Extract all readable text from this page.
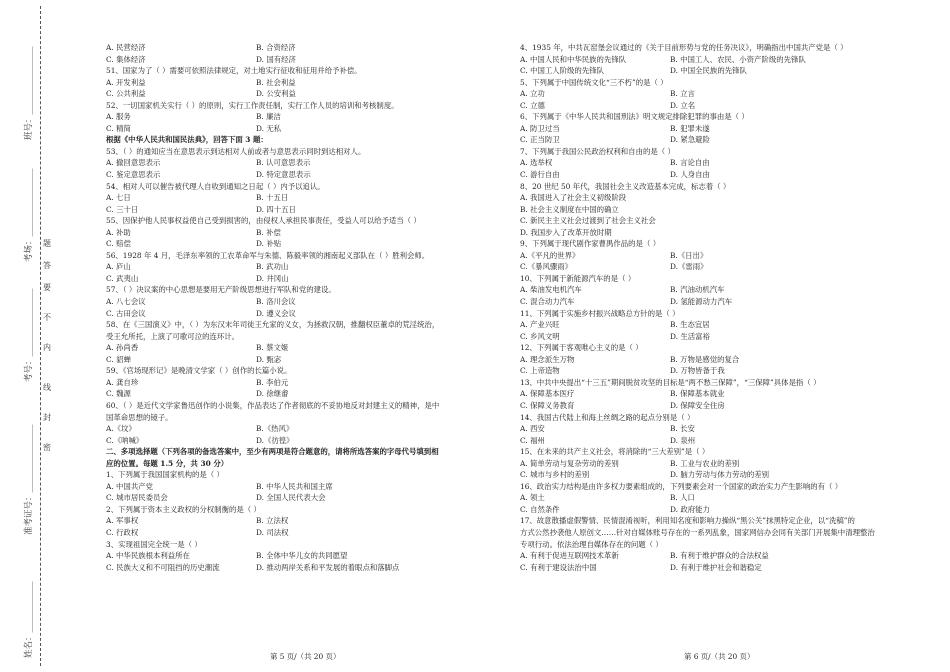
班号：________________
考场：________________
考号：________________
准考证号：________________
姓名：____________
密
封
线
内
不
要
答
题
A. 民营经济	B. 合资经济
C. 集体经济	D. 国有经济
51、国家为了（ ）需要可依照法律规定，对土地实行征收和征用并给予补偿。
A. 开发利益	B. 社会利益
C. 公共利益	D. 公安利益
52、一切国家机关实行（ ）的原则，实行工作责任制，实行工作人员的培训和考核制度。
A. 服务	B. 廉洁
C. 精简	D. 无私
根据《中华人民共和国民法典》，回答下面 3 题：
53、（ ）的通知应当在意思表示到达相对人前或者与意思表示同时到达相对人。
A. 撤回意思表示	B. 认可意思表示
C. 鉴定意思表示	D. 特定意思表示
54、相对人可以催告被代理人自收到通知之日起（ ）内予以追认。
A. 七日	B. 十五日
C. 三十日	D. 四十五日
55、因保护他人民事权益使自己受到损害的，由侵权人承担民事责任，受益人可以给予适当（ ）
A. 补助	B. 补偿
C. 赔偿	D. 补贴
56、1928 年 4 月，毛泽东率领的工农革命军与朱德、陈毅率领的湘南起义部队在（ ）胜利会师。
A. 庐山	B. 武功山
C. 武夷山	D. 井冈山
57、（ ）决议案的中心思想是要用无产阶级思想进行军队和党的建设。
A. 八七会议	B. 洛川会议
C. 古田会议	D. 遵义会议
58、在《三国演义》中，（ ）为东汉末年司徒王允家的义女，为拯救汉朝，推翻权臣董卓的荒淫统治，
受王允所托，上演了可歌可泣的连环计。
A. 孙尚香	B. 蔡文姬
C. 貂蝉	D. 甄宓
59、《官场现形记》是晚清文学家（ ）创作的长篇小说。
A. 龚自珍	B. 李伯元
C. 魏源	D. 徐继畬
60、（ ）是近代文学家鲁迅创作的小说集，作品表达了作者彻底的不妥协地反对封建主义的精神，是中
国革命思想的镜子。
A.《坟》	B.《热风》
C.《呐喊》	D.《彷徨》
二、多项选择题（下列各项的备选答案中，至少有两项是符合题意的，请将所选答案的字母代号填到相
应的位置。每题 1.5 分，共 30 分）
1、下列属于我国国家机构的是（ ）
A. 中国共产党	B. 中华人民共和国主席
C. 城市居民委员会	D. 全国人民代表大会
2、下列属于资本主义政权的分权制衡的是（ ）
A. 军事权	B. 立法权
C. 行政权	D. 司法权
3、实现祖国完全统一是（ ）
A. 中华民族根本利益所在	B. 全体中华儿女的共同愿望
C. 民族大义和不可阻挡的历史潮流	D. 推动两岸关系和平发展的着眼点和落脚点
4、1935 年，中共瓦窑堡会议通过的《关于目前形势与党的任务决议》，明确指出中国共产党是（ ）
A. 中国人民和中华民族的先锋队	B. 中国工人、农民、小资产阶级的先锋队
C. 中国工人阶级的先锋队	D. 中国全民族的先锋队
5、下列属于中国传统文化“三不朽”的是（ ）
A. 立功	B. 立言
C. 立德	D. 立名
6、下列属于《中华人民共和国刑法》明文规定排除犯罪的事由是（ ）
A. 防卫过当	B. 犯罪未遂
C. 正当防卫	D. 紧急避险
7、下列属于我国公民政治权利和自由的是（ ）
A. 选举权	B. 言论自由
C. 游行自由	D. 人身自由
8、20 世纪 50 年代，我国社会主义改造基本完成，标志着（ ）
A. 我国进入了社会主义初级阶段
B. 社会主义制度在中国的确立
C. 新民主主义社会过渡到了社会主义社会
D. 我国步入了改革开放时期
9、下列属于现代剧作家曹禺作品的是（ ）
A.《平凡的世界》	B.《日出》
C.《暴风骤雨》	D.《雷雨》
10、下列属于新能源汽车的是（ ）
A. 柴油发电机汽车	B. 汽油动机汽车
C. 混合动力汽车	D. 氢能源动力汽车
11、下列属于实施乡村振兴战略总方针的是（ ）
A. 产业兴旺	B. 生态宜居
C. 乡风文明	D. 生活富裕
12、下列属于客观唯心主义的是（ ）
A. 理念派生万物	B. 万物是感觉的复合
C. 上帝造物	D. 万物皆备于我
13、中共中央提出“十三五”期间脱贫攻坚的目标是“两不愁三保障”，“三保障”具体是指（ ）
A. 保障基本医疗	B. 保障基本就业
C. 保障义务教育	D. 保障安全住房
14、我国古代陆上和海上丝绸之路的起点分别是（ ）
A. 西安	B. 长安
C. 福州	D. 泉州
15、在未来的共产主义社会，将消除的“三大差别”是（ ）
A. 简单劳动与复杂劳动的差别	B. 工业与农业的差别
C. 城市与乡村的差别	D. 脑力劳动与体力劳动的差别
16、政治实力结构是由许多权力要素组成的，下列要素会对一个国家的政治实力产生影响的有（ ）
A. 领土	B. 人口
C. 自然条件	D. 政府能力
17、故意散播虚假警情、民情混淆视听，利用知名度和影响力操纵“黑公关”抹黑特定企业，以“洗稿”的
方式公然抄袭他人原创文……针对自媒体账号存在的一系列乱象，国家网信办会同有关部门开展集中清理整治
专项行动。依法治理自媒体存在的问题（ ）
A. 有利于促进互联网技术革新	B. 有利于维护群众的合法权益
C. 有利于建设法治中国	D. 有利于维护社会和谐稳定
第 5 页/（共 20 页）	第 6 页/（共 20 页）
